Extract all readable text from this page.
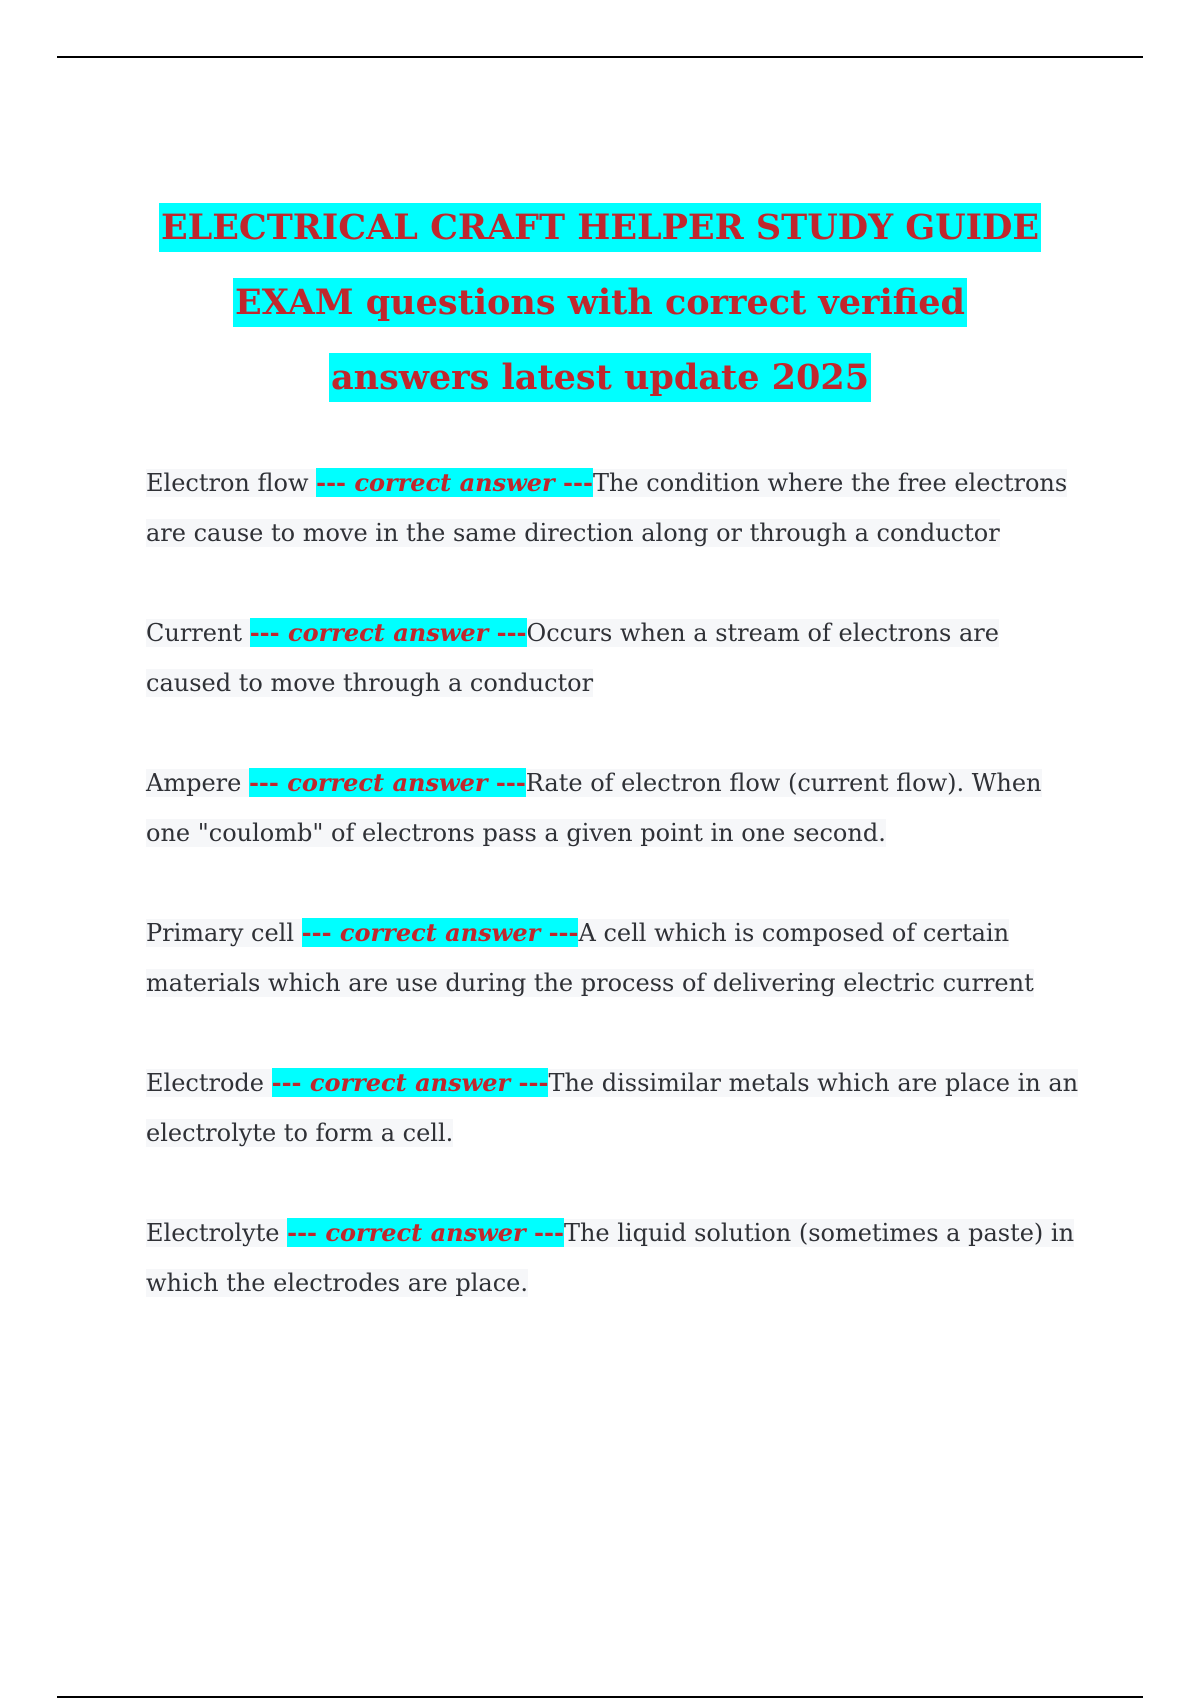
ELECTRICAL CRAFT HELPER STUDY GUIDE
EXAM questions with correct verified
answers latest update 2025

Electron flow --- correct answer ---The condition where the free electrons are cause to move in the same direction along or through a conductor

Current --- correct answer ---Occurs when a stream of electrons are caused to move through a conductor

Ampere --- correct answer ---Rate of electron flow (current flow). When one "coulomb" of electrons pass a given point in one second.

Primary cell --- correct answer ---A cell which is composed of certain materials which are use during the process of delivering electric current

Electrode --- correct answer ---The dissimilar metals which are place in an electrolyte to form a cell.

Electrolyte --- correct answer ---The liquid solution (sometimes a paste) in which the electrodes are place.
